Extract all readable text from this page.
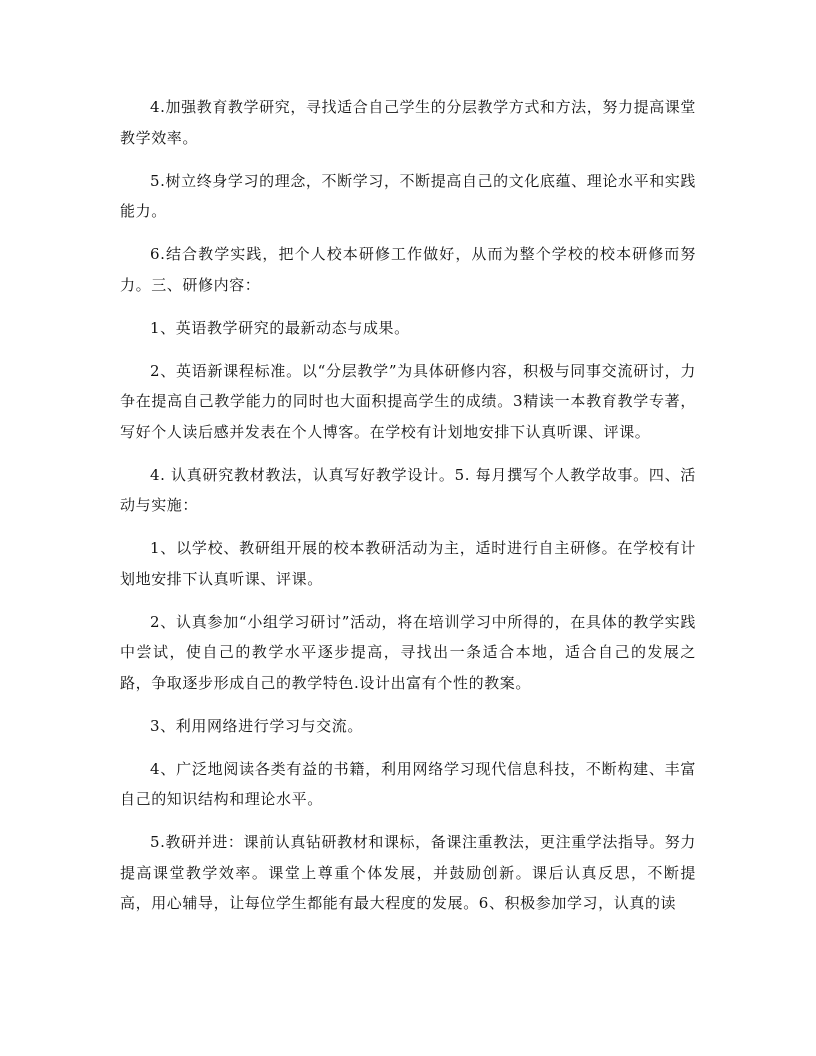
4.加强教育教学研究，寻找适合自己学生的分层教学方式和方法，努力提高课堂教学效率。

5.树立终身学习的理念，不断学习，不断提高自己的文化底蕴、理论水平和实践能力。

6.结合教学实践，把个人校本研修工作做好，从而为整个学校的校本研修而努力。三、研修内容：

1、英语教学研究的最新动态与成果。

2、英语新课程标准。以“分层教学”为具体研修内容，积极与同事交流研讨，力争在提高自己教学能力的同时也大面积提高学生的成绩。3精读一本教育教学专著，写好个人读后感并发表在个人博客。在学校有计划地安排下认真听课、评课。

4. 认真研究教材教法，认真写好教学设计。5. 每月撰写个人教学故事。四、活动与实施：

1、以学校、教研组开展的校本教研活动为主，适时进行自主研修。在学校有计划地安排下认真听课、评课。

2、认真参加“小组学习研讨”活动，将在培训学习中所得的，在具体的教学实践中尝试，使自己的教学水平逐步提高，寻找出一条适合本地，适合自己的发展之路，争取逐步形成自己的教学特色.设计出富有个性的教案。

3、利用网络进行学习与交流。

4、广泛地阅读各类有益的书籍，利用网络学习现代信息科技，不断构建、丰富自己的知识结构和理论水平。

5.教研并进：课前认真钻研教材和课标，备课注重教法，更注重学法指导。努力提高课堂教学效率。课堂上尊重个体发展，并鼓励创新。课后认真反思，不断提高，用心辅导，让每位学生都能有最大程度的发展。6、积极参加学习，认真的读
